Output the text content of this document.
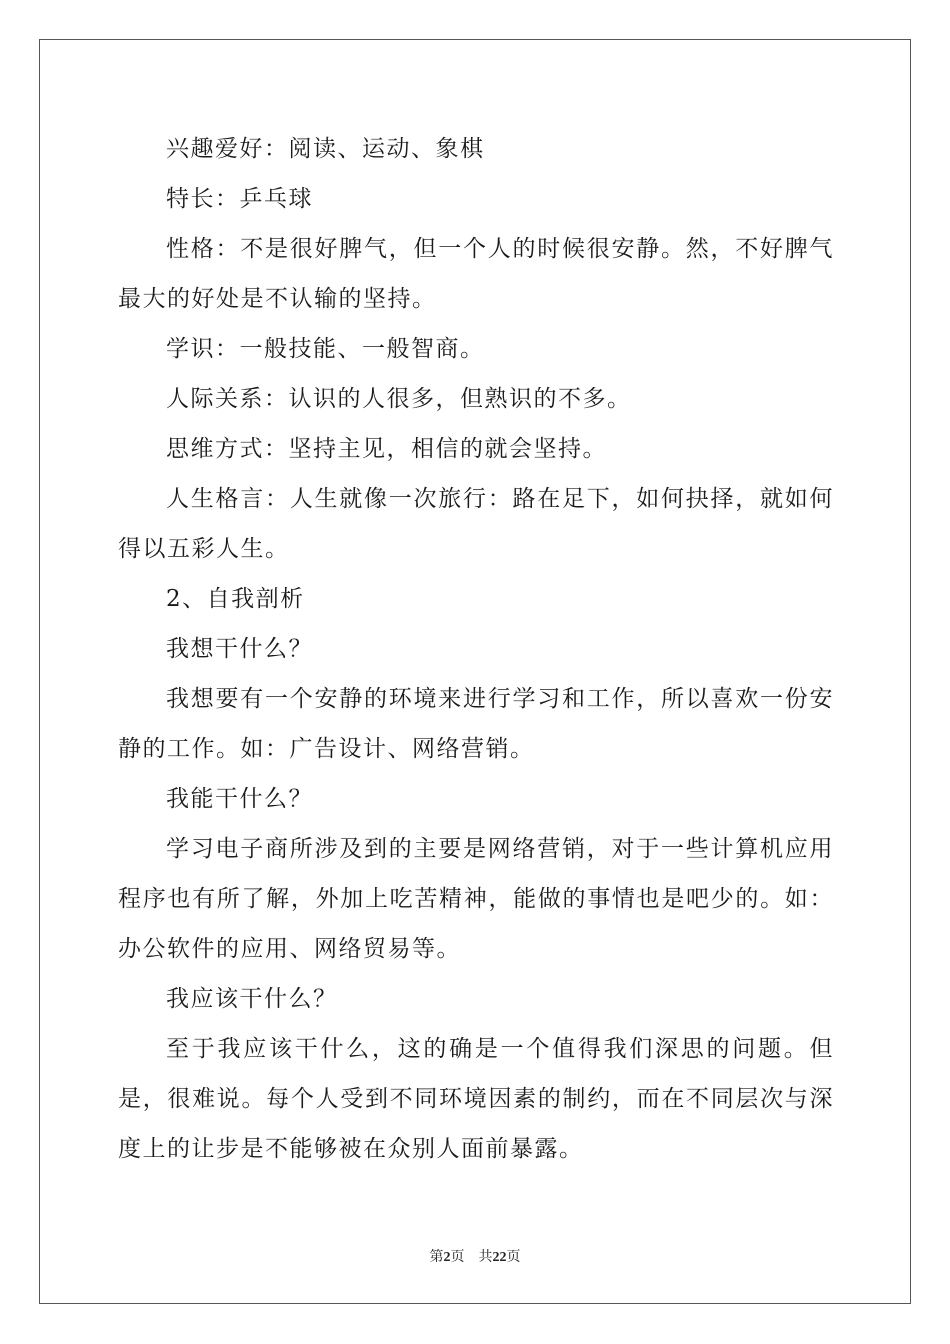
兴趣爱好：阅读、运动、象棋

特长：乒乓球

性格：不是很好脾气，但一个人的时候很安静。然，不好脾气最大的好处是不认输的坚持。

学识：一般技能、一般智商。

人际关系：认识的人很多，但熟识的不多。

思维方式：坚持主见，相信的就会坚持。

人生格言：人生就像一次旅行：路在足下，如何抉择，就如何得以五彩人生。

2、自我剖析

我想干什么？

我想要有一个安静的环境来进行学习和工作，所以喜欢一份安静的工作。如：广告设计、网络营销。

我能干什么？

学习电子商所涉及到的主要是网络营销，对于一些计算机应用程序也有所了解，外加上吃苦精神，能做的事情也是吧少的。如：办公软件的应用、网络贸易等。

我应该干什么？

至于我应该干什么，这的确是一个值得我们深思的问题。但是，很难说。每个人受到不同环境因素的制约，而在不同层次与深度上的让步是不能够被在众别人面前暴露。

第2页 共22页
